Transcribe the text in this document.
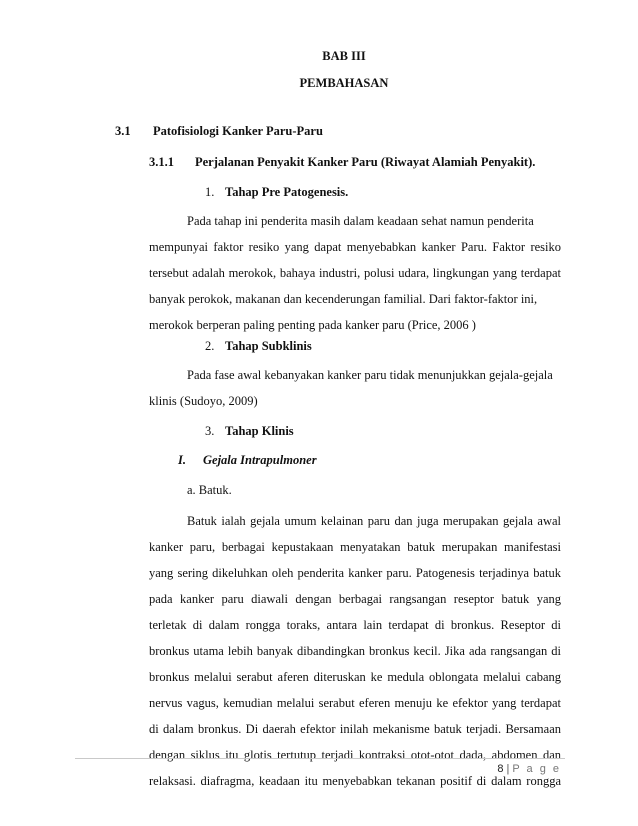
BAB III
PEMBAHASAN
3.1 Patofisiologi Kanker Paru-Paru
3.1.1 Perjalanan Penyakit Kanker Paru (Riwayat Alamiah Penyakit).
1. Tahap Pre Patogenesis.
Pada tahap ini penderita masih dalam keadaan sehat namun penderita
mempunyai faktor resiko yang dapat menyebabkan kanker Paru. Faktor resiko
tersebut adalah merokok, bahaya industri, polusi udara, lingkungan yang terdapat
banyak perokok, makanan dan kecenderungan familial. Dari faktor-faktor ini,
merokok berperan paling penting pada kanker paru (Price, 2006 )
2. Tahap Subklinis
Pada fase awal kebanyakan kanker paru tidak menunjukkan gejala-gejala
klinis (Sudoyo, 2009)
3. Tahap Klinis
I. Gejala Intrapulmoner
a. Batuk.
Batuk ialah gejala umum kelainan paru dan juga merupakan gejala awal
kanker paru, berbagai kepustakaan menyatakan batuk merupakan manifestasi
yang sering dikeluhkan oleh penderita kanker paru. Patogenesis terjadinya batuk
pada kanker paru diawali dengan berbagai rangsangan reseptor batuk yang
terletak di dalam rongga toraks, antara lain terdapat di bronkus. Reseptor di
bronkus utama lebih banyak dibandingkan bronkus kecil. Jika ada rangsangan di
bronkus melalui serabut aferen diteruskan ke medula oblongata melalui cabang
nervus vagus, kemudian melalui serabut eferen menuju ke efektor yang terdapat
di dalam bronkus. Di daerah efektor inilah mekanisme batuk terjadi. Bersamaan
dengan siklus itu glotis tertutup terjadi kontraksi otot-otot dada, abdomen dan
relaksasi. diafragma, keadaan itu menyebabkan tekanan positif di dalam rongga
8 | P a g e
